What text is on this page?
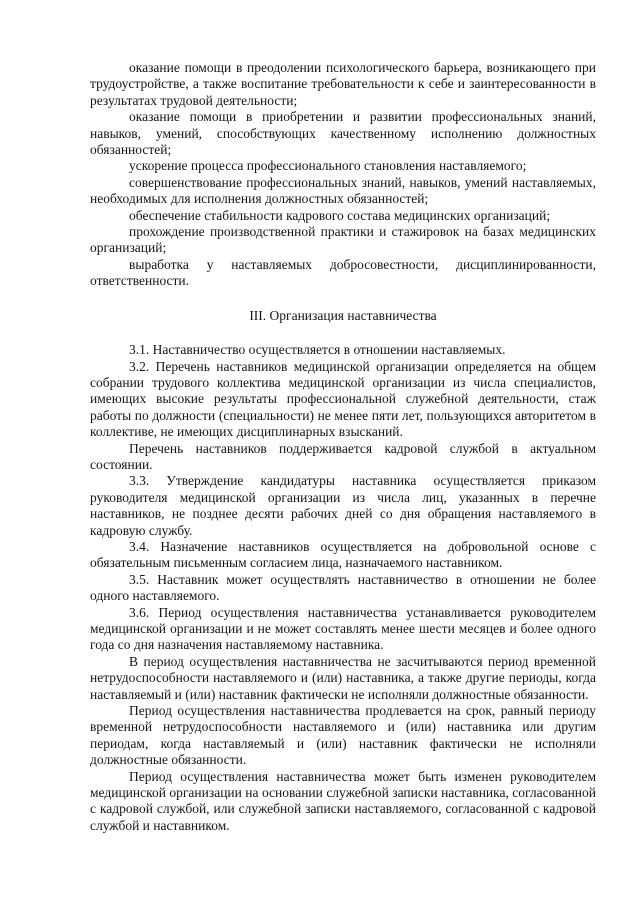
оказание помощи в преодолении психологического барьера, возникающего при трудоустройстве, а также воспитание требовательности к себе и заинтересованности в результатах трудовой деятельности;

оказание помощи в приобретении и развитии профессиональных знаний, навыков, умений, способствующих качественному исполнению должностных обязанностей;

ускорение процесса профессионального становления наставляемого;

совершенствование профессиональных знаний, навыков, умений наставляемых, необходимых для исполнения должностных обязанностей;

обеспечение стабильности кадрового состава медицинских организаций;

прохождение производственной практики и стажировок на базах медицинских организаций;

выработка у наставляемых добросовестности, дисциплинированности, ответственности.

III. Организация наставничества

3.1. Наставничество осуществляется в отношении наставляемых.

3.2. Перечень наставников медицинской организации определяется на общем собрании трудового коллектива медицинской организации из числа специалистов, имеющих высокие результаты профессиональной служебной деятельности, стаж работы по должности (специальности) не менее пяти лет, пользующихся авторитетом в коллективе, не имеющих дисциплинарных взысканий.

Перечень наставников поддерживается кадровой службой в актуальном состоянии.

3.3. Утверждение кандидатуры наставника осуществляется приказом руководителя медицинской организации из числа лиц, указанных в перечне наставников, не позднее десяти рабочих дней со дня обращения наставляемого в кадровую службу.

3.4. Назначение наставников осуществляется на добровольной основе с обязательным письменным согласием лица, назначаемого наставником.

3.5. Наставник может осуществлять наставничество в отношении не более одного наставляемого.

3.6. Период осуществления наставничества устанавливается руководителем медицинской организации и не может составлять менее шести месяцев и более одного года со дня назначения наставляемому наставника.

В период осуществления наставничества не засчитываются период временной нетрудоспособности наставляемого и (или) наставника, а также другие периоды, когда наставляемый и (или) наставник фактически не исполняли должностные обязанности.

Период осуществления наставничества продлевается на срок, равный периоду временной нетрудоспособности наставляемого и (или) наставника или другим периодам, когда наставляемый и (или) наставник фактически не исполняли должностные обязанности.

Период осуществления наставничества может быть изменен руководителем медицинской организации на основании служебной записки наставника, согласованной с кадровой службой, или служебной записки наставляемого, согласованной с кадровой службой и наставником.
